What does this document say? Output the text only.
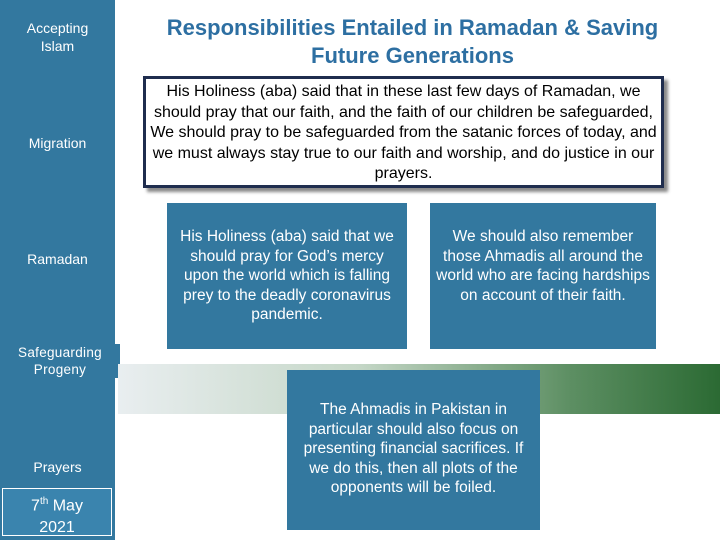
Accepting Islam
Migration
Ramadan
Prayers
7th May
2021
Safeguarding Progeny
Responsibilities Entailed in Ramadan & Saving Future Generations
His Holiness (aba) said that in these last few days of Ramadan, we should pray that our faith, and the faith of our children be safeguarded, We should pray to be safeguarded from the satanic forces of today, and we must always stay true to our faith and worship, and do justice in our prayers.
His Holiness (aba) said that we should pray for God’s mercy upon the world which is falling prey to the deadly coronavirus pandemic.
We should also remember those Ahmadis all around the world who are facing hardships on account of their faith.
The Ahmadis in Pakistan in particular should also focus on presenting financial sacrifices. If we do this, then all plots of the opponents will be foiled.
